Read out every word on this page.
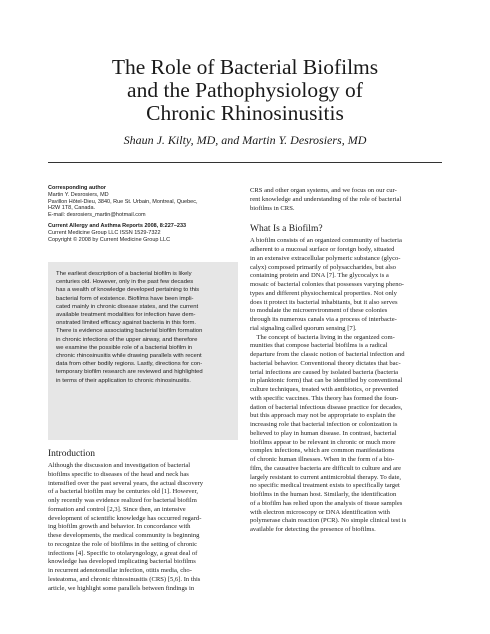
The Role of Bacterial Biofilms
and the Pathophysiology of
Chronic Rhinosinusitis
Shaun J. Kilty, MD, and Martin Y. Desrosiers, MD
Corresponding author
Martin Y. Desrosiers, MD
Pavillon Hôtel-Dieu, 3840, Rue St. Urbain, Montreal, Quebec,
H2W 1T8, Canada.
E-mail: desrosiers_martin@hotmail.com
Current Allergy and Asthma Reports 2008, 8:227–233
Current Medicine Group LLC ISSN 1529-7322
Copyright © 2008 by Current Medicine Group LLC
The earliest description of a bacterial biofilm is likely
centuries old. However, only in the past few decades
has a wealth of knowledge developed pertaining to this
bacterial form of existence. Biofilms have been impli-
cated mainly in chronic disease states, and the current
available treatment modalities for infection have dem-
onstrated limited efficacy against bacteria in this form.
There is evidence associating bacterial biofilm formation
in chronic infections of the upper airway, and therefore
we examine the possible role of a bacterial biofilm in
chronic rhinosinusitis while drawing parallels with recent
data from other bodily regions. Lastly, directions for con-
temporary biofilm research are reviewed and highlighted
in terms of their application to chronic rhinosinusitis.
Introduction
Although the discussion and investigation of bacterial
biofilms specific to diseases of the head and neck has
intensified over the past several years, the actual discovery
of a bacterial biofilm may be centuries old [1]. However,
only recently was evidence realized for bacterial biofilm
formation and control [2,3]. Since then, an intensive
development of scientific knowledge has occurred regard-
ing biofilm growth and behavior. In concordance with
these developments, the medical community is beginning
to recognize the role of biofilms in the setting of chronic
infections [4]. Specific to otolaryngology, a great deal of
knowledge has developed implicating bacterial biofilms
in recurrent adenotonsillar infection, otitis media, cho-
lesteatoma, and chronic rhinosinusitis (CRS) [5,6]. In this
article, we highlight some parallels between findings in
CRS and other organ systems, and we focus on our cur-
rent knowledge and understanding of the role of bacterial
biofilms in CRS.
What Is a Biofilm?
A biofilm consists of an organized community of bacteria
adherent to a mucosal surface or foreign body, situated
in an extensive extracellular polymeric substance (glyco-
calyx) composed primarily of polysaccharides, but also
containing protein and DNA [7]. The glycocalyx is a
mosaic of bacterial colonies that possesses varying pheno-
types and different physiochemical properties. Not only
does it protect its bacterial inhabitants, but it also serves
to modulate the microenvironment of these colonies
through its numerous canals via a process of interbacte-
rial signaling called quorum sensing [7].
The concept of bacteria living in the organized com-
munities that compose bacterial biofilms is a radical
departure from the classic notion of bacterial infection and
bacterial behavior. Conventional theory dictates that bac-
terial infections are caused by isolated bacteria (bacteria
in planktonic form) that can be identified by conventional
culture techniques, treated with antibiotics, or prevented
with specific vaccines. This theory has formed the foun-
dation of bacterial infectious disease practice for decades,
but this approach may not be appropriate to explain the
increasing role that bacterial infection or colonization is
believed to play in human disease. In contrast, bacterial
biofilms appear to be relevant in chronic or much more
complex infections, which are common manifestations
of chronic human illnesses. When in the form of a bio-
film, the causative bacteria are difficult to culture and are
largely resistant to current antimicrobial therapy. To date,
no specific medical treatment exists to specifically target
biofilms in the human host. Similarly, the identification
of a biofilm has relied upon the analysis of tissue samples
with electron microscopy or DNA identification with
polymerase chain reaction (PCR). No simple clinical test is
available for detecting the presence of biofilms.
